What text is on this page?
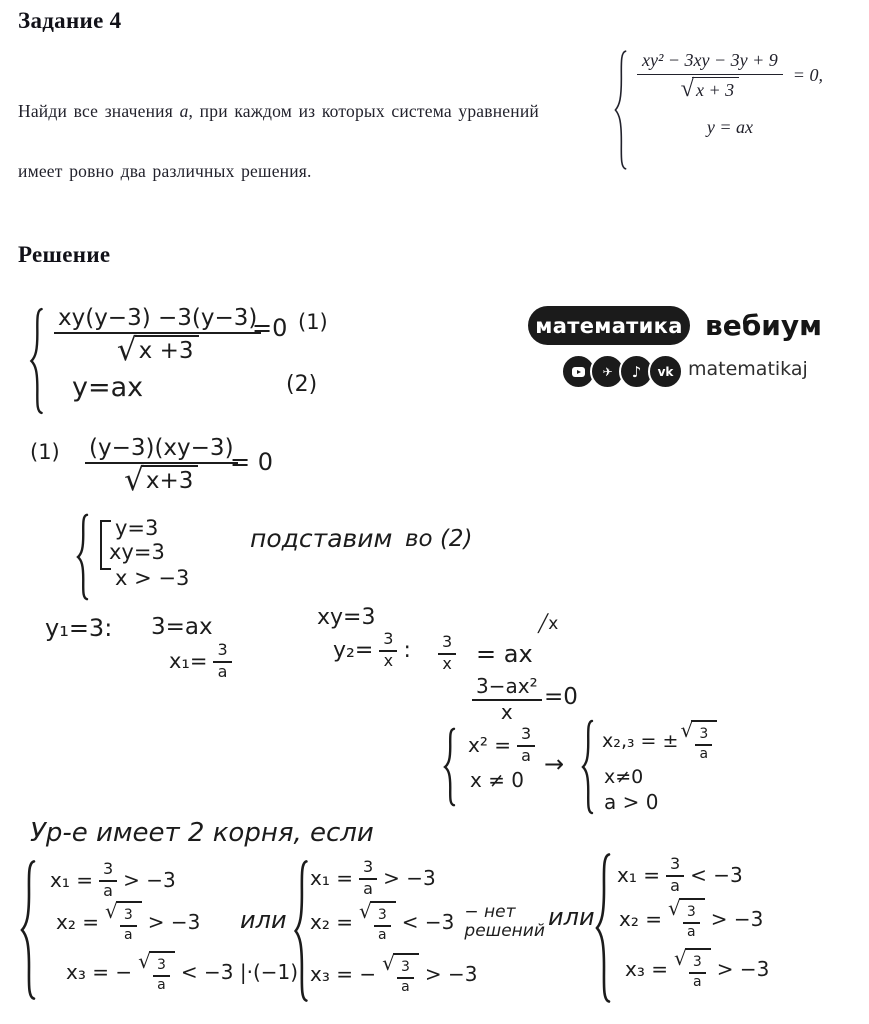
Задание 4
Найди все значения a, при каждом из которых система уравнений
$\frac{\text{xy² − 3xy − 3y + 9}}{√ x + 3} = 0$,
y = ax
имеет ровно два различных решения.
Решение
xy(y−3) −3(y−3)
√ x +3
=0 (1)
y=ax	(2)
математика вебиум
✈	♪	vk matematikaj
(1) (y−3)(xy−3)
√ x+3
= 0
y=3
xy=3
x > −3
подставим во (2)
y₁=3: 3=ax
$x_1= \frac{3}{a}$
xy=3
$y_2= \frac{3}{x}$ : 3
x = ax
╱x
3−ax²
x
=0
$x^2 = \frac{3}{a}$
x ≠ 0
→
x₂‚₃ = ± √ $\frac{3}{a}$
x≠0
a > 0
Ур-е имеет 2 корня, если
$x_1 = \frac{3}{a} > -3$
x₂ = √ $\frac{3}{a} > -3$
x₃ = − √ $\frac{3}{a} < -3$ |·(−1)
или
$x_1 = \frac{3}{a} > -3$
x₂ = √ $\frac{3}{a} < -3$ − нет
решений
x₃ = − √ $\frac{3}{a} > -3$
или
$x_1 = \frac{3}{a} < -3$
x₂ = √ $\frac{3}{a} > -3$
x₃ = √ $\frac{3}{a} > -3$
